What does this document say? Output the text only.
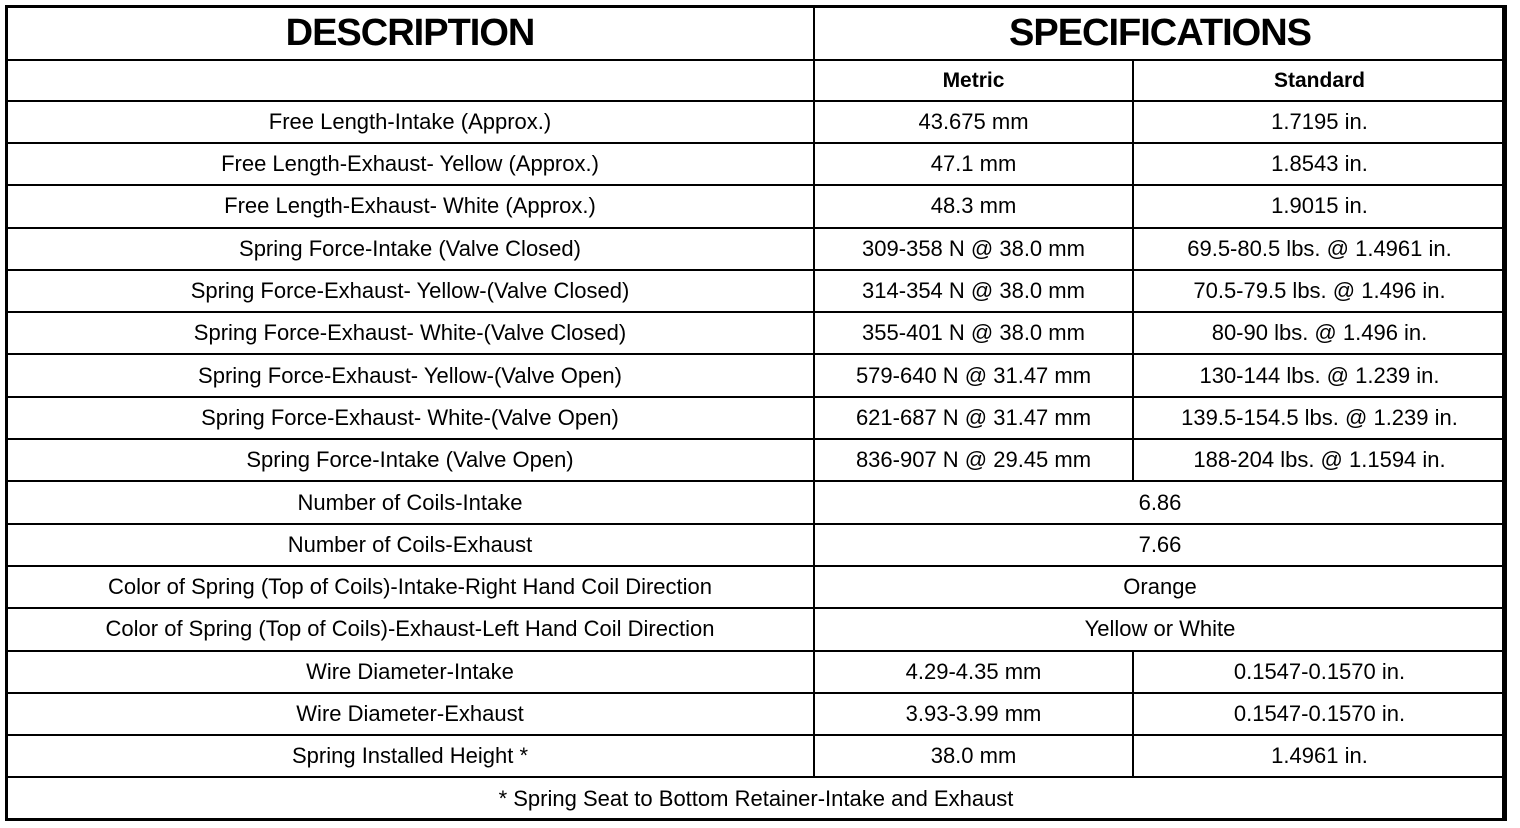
DESCRIPTION	SPECIFICATIONS	
	Metric	Standard
Free Length-Intake (Approx.)	43.675 mm	1.7195 in.
Free Length-Exhaust- Yellow (Approx.)	47.1 mm	1.8543 in.
Free Length-Exhaust- White (Approx.)	48.3 mm	1.9015 in.
Spring Force-Intake (Valve Closed)	309-358 N @ 38.0 mm	69.5-80.5 lbs. @ 1.4961 in.
Spring Force-Exhaust- Yellow-(Valve Closed)	314-354 N @ 38.0 mm	70.5-79.5 lbs. @ 1.496 in.
Spring Force-Exhaust- White-(Valve Closed)	355-401 N @ 38.0 mm	80-90 lbs. @ 1.496 in.
Spring Force-Exhaust- Yellow-(Valve Open)	579-640 N @ 31.47 mm	130-144 lbs. @ 1.239 in.
Spring Force-Exhaust- White-(Valve Open)	621-687 N @ 31.47 mm	139.5-154.5 lbs. @ 1.239 in.
Spring Force-Intake (Valve Open)	836-907 N @ 29.45 mm	188-204 lbs. @ 1.1594 in.
Number of Coils-Intake	6.86	
Number of Coils-Exhaust	7.66	
Color of Spring (Top of Coils)-Intake-Right Hand Coil Direction	Orange	
Color of Spring (Top of Coils)-Exhaust-Left Hand Coil Direction	Yellow or White	
Wire Diameter-Intake	4.29-4.35 mm	0.1547-0.1570 in.
Wire Diameter-Exhaust	3.93-3.99 mm	0.1547-0.1570 in.
Spring Installed Height *	38.0 mm	1.4961 in.
* Spring Seat to Bottom Retainer-Intake and Exhaust		
